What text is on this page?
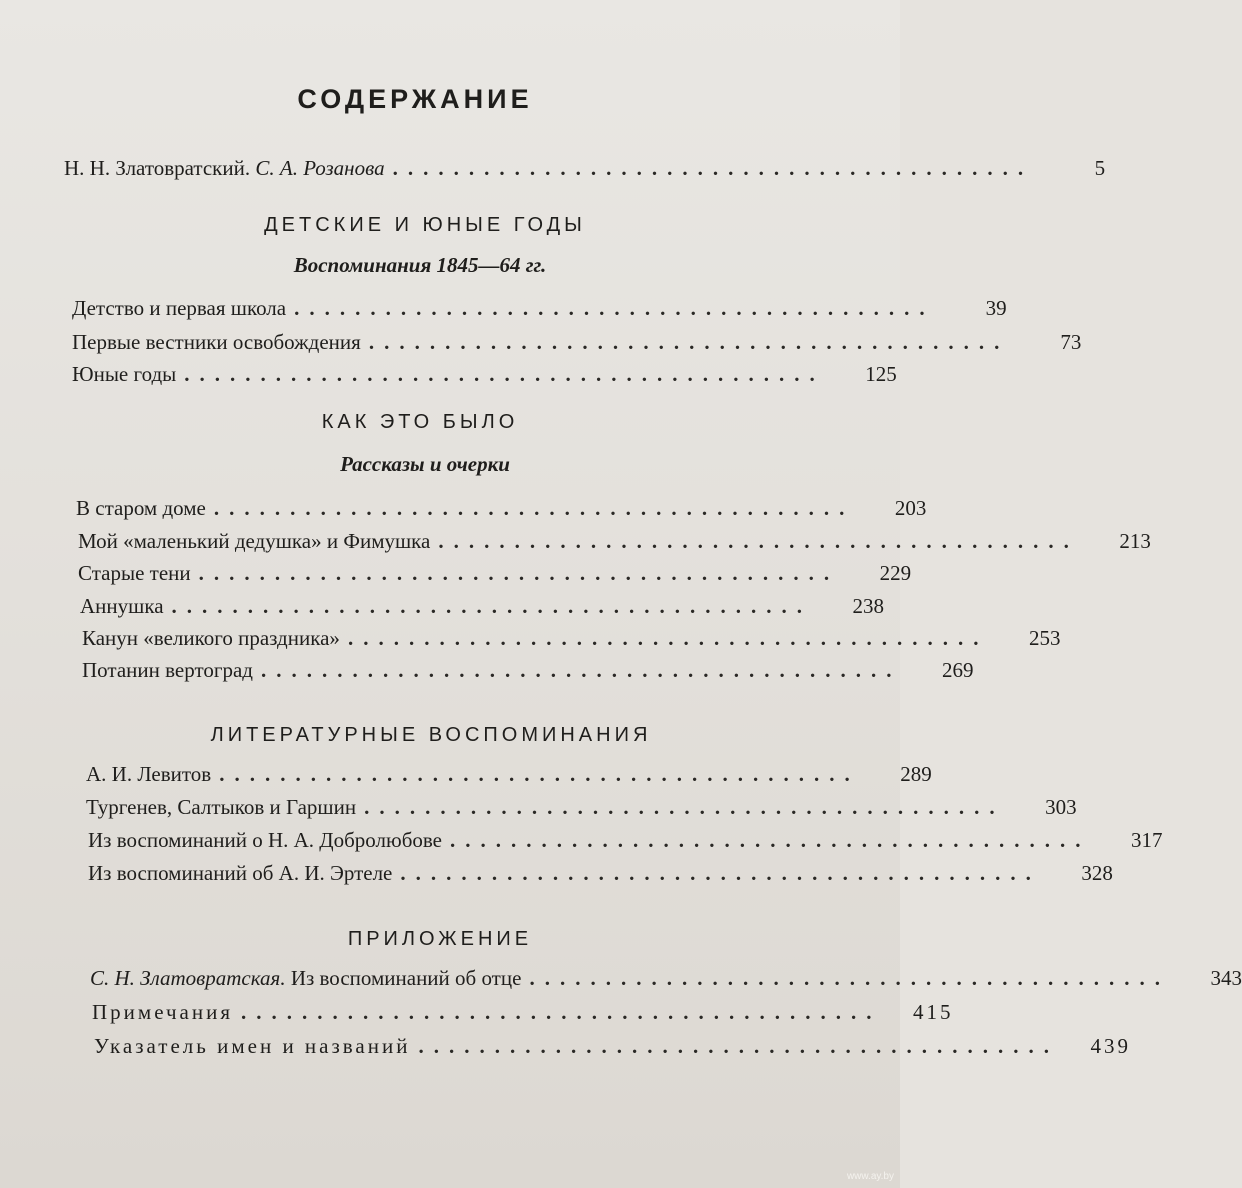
СОДЕРЖАНИЕ
Н. Н. Златовратский. С. А. Розанова ..........................................	5
ДЕТСКИЕ И ЮНЫЕ ГОДЫ
Воспоминания 1845—64 гг.
Детство и первая школа ..........................................	39
Первые вестники освобождения ..........................................	73
Юные годы ..........................................	125
КАК ЭТО БЫЛО
Рассказы и очерки
В старом доме ..........................................	203
Мой «маленький дедушка» и Фимушка ..........................................	213
Старые тени ..........................................	229
Аннушка ..........................................	238
Канун «великого праздника» ..........................................	253
Потанин вертоград ..........................................	269
ЛИТЕРАТУРНЫЕ ВОСПОМИНАНИЯ
А. И. Левитов ..........................................	289
Тургенев, Салтыков и Гаршин ..........................................	303
Из воспоминаний о Н. А. Добролюбове ..........................................	317
Из воспоминаний об А. И. Эртеле ..........................................	328
ПРИЛОЖЕНИЕ
С. Н. Златовратская. Из воспоминаний об отце ..........................................	343
Примечания ..........................................	415
Указатель имен и названий ..........................................	439
www.ay.by
